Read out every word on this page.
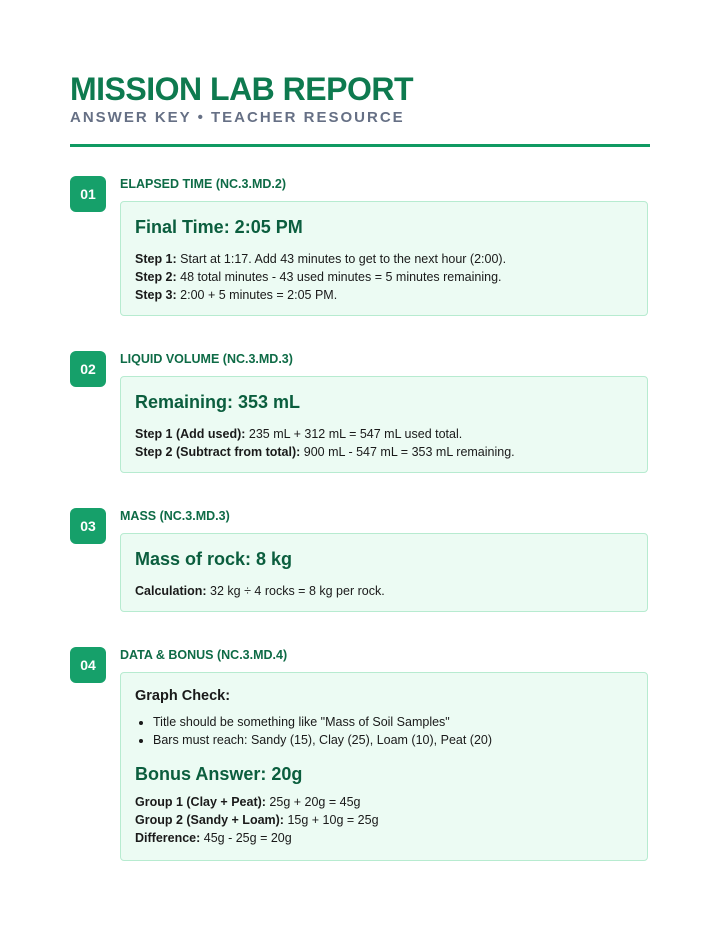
MISSION LAB REPORT
ANSWER KEY • TEACHER RESOURCE
01
ELAPSED TIME (NC.3.MD.2)
Final Time: 2:05 PM
Step 1: Start at 1:17. Add 43 minutes to get to the next hour (2:00).
Step 2: 48 total minutes - 43 used minutes = 5 minutes remaining.
Step 3: 2:00 + 5 minutes = 2:05 PM.
02
LIQUID VOLUME (NC.3.MD.3)
Remaining: 353 mL
Step 1 (Add used): 235 mL + 312 mL = 547 mL used total.
Step 2 (Subtract from total): 900 mL - 547 mL = 353 mL remaining.
03
MASS (NC.3.MD.3)
Mass of rock: 8 kg
Calculation: 32 kg ÷ 4 rocks = 8 kg per rock.
04
DATA & BONUS (NC.3.MD.4)
Graph Check:
• Title should be something like "Mass of Soil Samples"
• Bars must reach: Sandy (15), Clay (25), Loam (10), Peat (20)
Bonus Answer: 20g
Group 1 (Clay + Peat): 25g + 20g = 45g
Group 2 (Sandy + Loam): 15g + 10g = 25g
Difference: 45g - 25g = 20g
